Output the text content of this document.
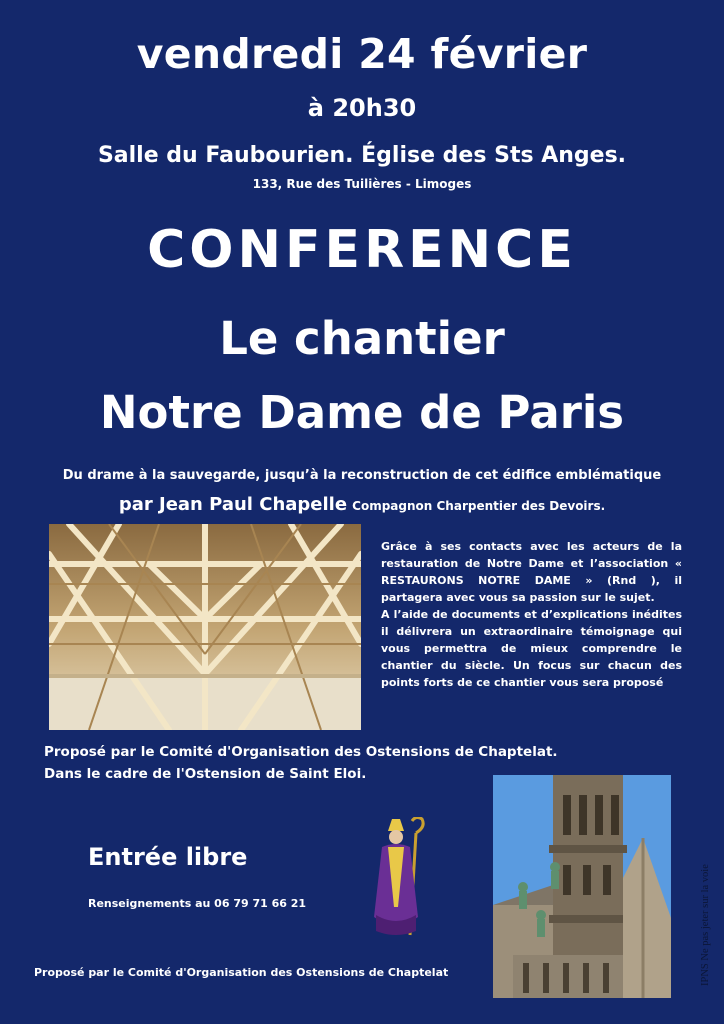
vendredi 24 février
à 20h30
Salle du Faubourien. Église des Sts Anges.
133, Rue des Tuilières - Limoges
CONFERENCE
Le chantier
Notre Dame de Paris
Du drame à la sauvegarde, jusqu’à la reconstruction de cet édifice emblématique
par Jean Paul Chapelle Compagnon Charpentier des Devoirs.

Grâce à ses contacts avec les acteurs de la restauration de Notre Dame et l’association « RESTAURONS NOTRE DAME » (Rnd ), il partagera avec vous sa passion sur le sujet.

A l’aide de documents et d’explications inédites il délivrera un extraordinaire témoignage qui vous permettra de mieux comprendre le chantier du siècle. Un focus sur chacun des points forts de ce chantier vous sera proposé

Proposé par le Comité d'Organisation des Ostensions de Chaptelat.
Dans le cadre de l'Ostension de Saint Eloi.
Entrée libre
Renseignements au 06 79 71 66 21	IPNS Ne pas jeter sur la voie
Proposé par le Comité d'Organisation des Ostensions de Chaptelat
